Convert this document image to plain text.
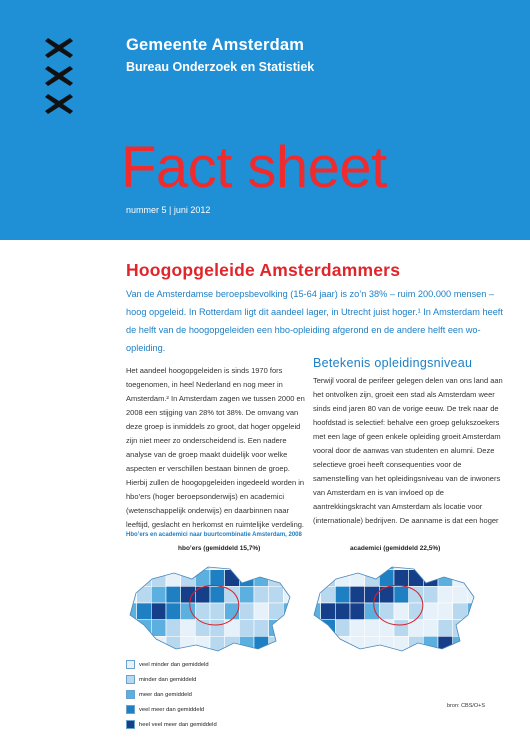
Gemeente Amsterdam
Bureau Onderzoek en Statistiek
Fact sheet
nummer 5 | juni 2012
Hoogopgeleide Amsterdammers
Van de Amsterdamse beroepsbevolking (15-64 jaar) is zo’n 38% – ruim 200.000 mensen – hoog opgeleid. In Rotterdam ligt dit aandeel lager, in Utrecht juist hoger.¹ In Amsterdam heeft de helft van de hoogopgeleiden een hbo-opleiding afgerond en de andere helft een wo-opleiding.
Het aandeel hoogopgeleiden is sinds 1970 fors toegenomen, in heel Nederland en nog meer in Amsterdam.² In Amsterdam zagen we tussen 2000 en 2008 een stijging van 28% tot 38%. De omvang van deze groep is inmiddels zo groot, dat hoger opgeleid zijn niet meer zo onderscheidend is. Een nadere analyse van de groep maakt duidelijk voor welke aspecten er verschillen bestaan binnen de groep. Hierbij zullen de hoogopgeleiden ingedeeld worden in hbo’ers (hoger beroepsonderwijs) en academici (wetenschappelijk onderwijs) en daarbinnen naar leeftijd, geslacht en herkomst en ruimtelijke verdeling.
Betekenis opleidingsniveau
Terwijl vooral de perifeer gelegen delen van ons land aan het ontvolken zijn, groeit een stad als Amsterdam weer sinds eind jaren 80 van de vorige eeuw. De trek naar de hoofdstad is selectief: behalve een groep gelukszoekers met een lage of geen enkele opleiding groeit Amsterdam vooral door de aanwas van studenten en alumni. Deze selectieve groei heeft consequenties voor de samenstelling van het opleidingsniveau van de inwoners van Amsterdam en is van invloed op de aantrekkingskracht van Amsterdam als locatie voor (internationale) bedrijven. De aanname is dat een hoger
Hbo’ers en academici naar buurtcombinatie Amsterdam, 2008
hbo’ers (gemiddeld 15,7%)	academici (gemiddeld 22,5%)
veel minder dan gemiddeld
minder dan gemiddeld
meer dan gemiddeld
veel meer dan gemiddeld
heel veel meer dan gemiddeld
bron: CBS/O+S
